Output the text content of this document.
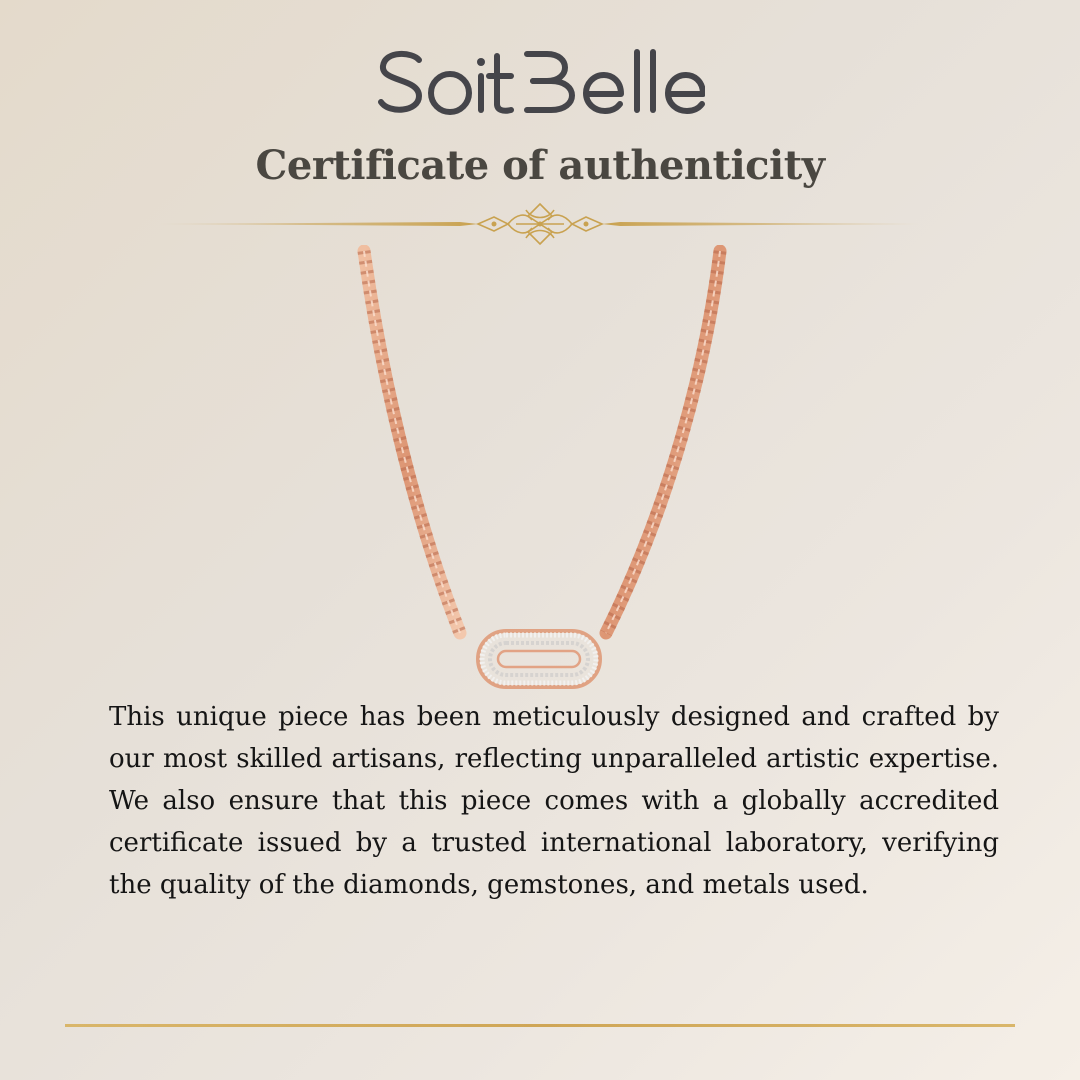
Certificate of authenticity

This unique piece has been meticulously designed and crafted by our most skilled artisans, reflecting unparalleled artistic expertise. We also ensure that this piece comes with a globally accredited certificate issued by a trusted international laboratory, verifying the quality of the diamonds, gemstones, and metals used.
